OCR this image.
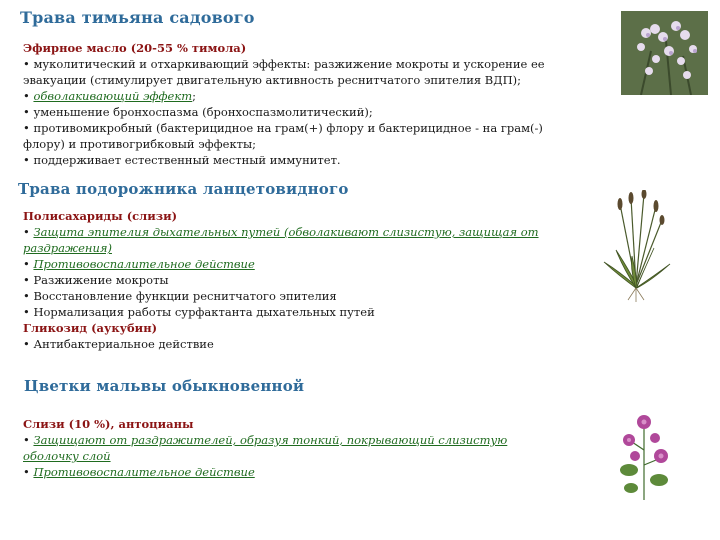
Трава тимьяна садового
Эфирное масло (20-55 % тимола)
• муколитический и отхаркивающий эффекты: разжижение мокроты и ускорение ее
эвакуации (стимулирует двигательную активность реснитчатого эпителия ВДП);
• обволакивающий эффект;
• уменьшение бронхоспазма (бронхоспазмолитический);
• противомикробный (бактерицидное на грам(+) флору и бактерицидное - на грам(-)
флору) и противогрибковый эффекты;
• поддерживает естественный местный иммунитет.
Трава подорожника ланцетовидного
Полисахариды (слизи)
• Защита эпителия дыхательных путей (обволакивают слизистую, защищая от
раздражения)
• Противовоспалительное действие
• Разжижение мокроты
• Восстановление функции реснитчатого эпителия
• Нормализация работы сурфактанта дыхательных путей
Гликозид (аукубин)
• Антибактериальное действие
Цветки мальвы обыкновенной
Слизи (10 %), антоцианы
• Защищают от раздражителей, образуя тонкий, покрывающий слизистую
оболочку слой
• Противовоспалительное действие
